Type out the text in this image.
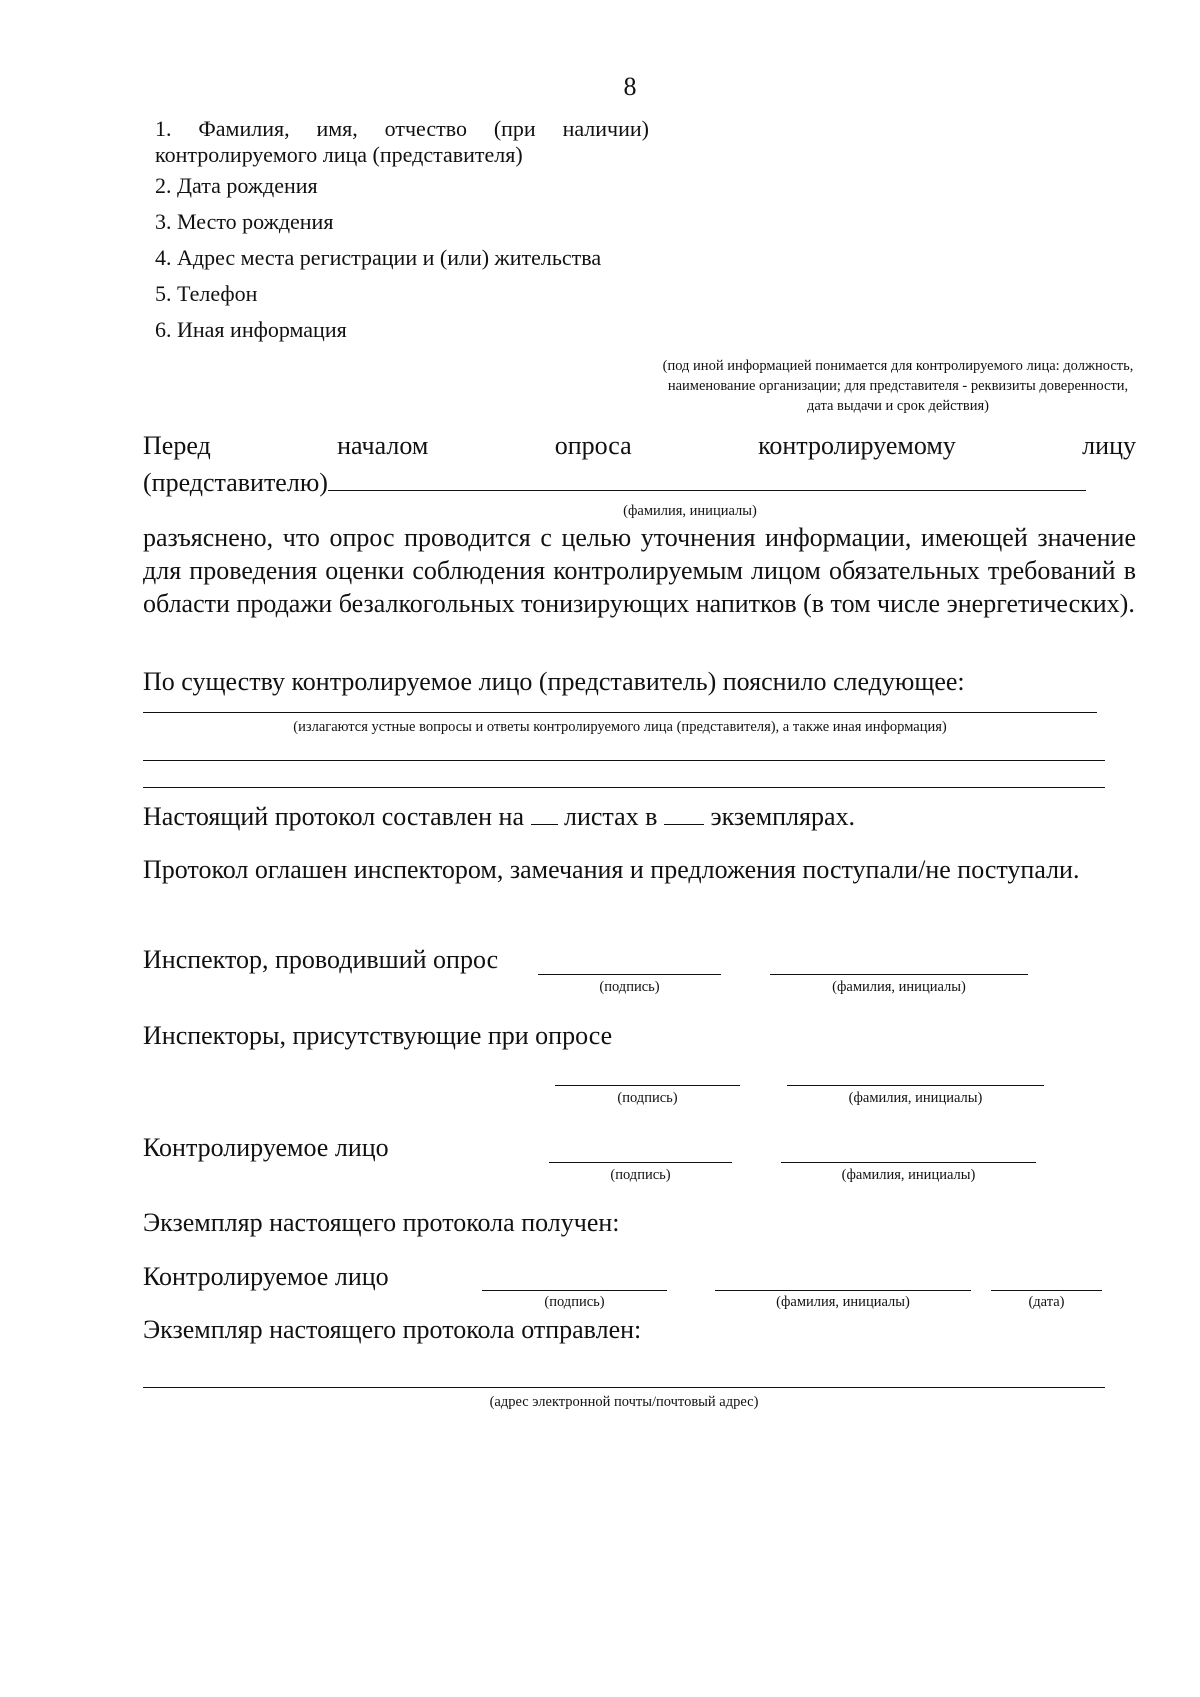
8
1. Фамилия, имя, отчество (при наличии) контролируемого лица (представителя)
2. Дата рождения
3. Место рождения
4. Адрес места регистрации и (или) жительства
5. Телефон
6. Иная информация
(под иной информацией понимается для контролируемого лица: должность, наименование организации; для представителя - реквизиты доверенности, дата выдачи и срок действия)
Перед началом опроса контролируемому лицу
(представителю)
(фамилия, инициалы)
разъяснено, что опрос проводится с целью уточнения информации, имеющей значение для проведения оценки соблюдения контролируемым лицом обязательных требований в области продажи безалкогольных тонизирующих напитков (в том числе энергетических).
По существу контролируемое лицо (представитель) пояснило следующее:
(излагаются устные вопросы и ответы контролируемого лица (представителя), а также иная информация)
Настоящий протокол составлен на листах в экземплярах.
Протокол оглашен инспектором, замечания и предложения поступали/не поступали.
Инспектор, проводивший опрос
(подпись)	(фамилия, инициалы)
Инспекторы, присутствующие при опросе
(подпись)	(фамилия, инициалы)
Контролируемое лицо
(подпись)	(фамилия, инициалы)
Экземпляр настоящего протокола получен:
Контролируемое лицо
(подпись)	(фамилия, инициалы)	(дата)
Экземпляр настоящего протокола отправлен:
(адрес электронной почты/почтовый адрес)
